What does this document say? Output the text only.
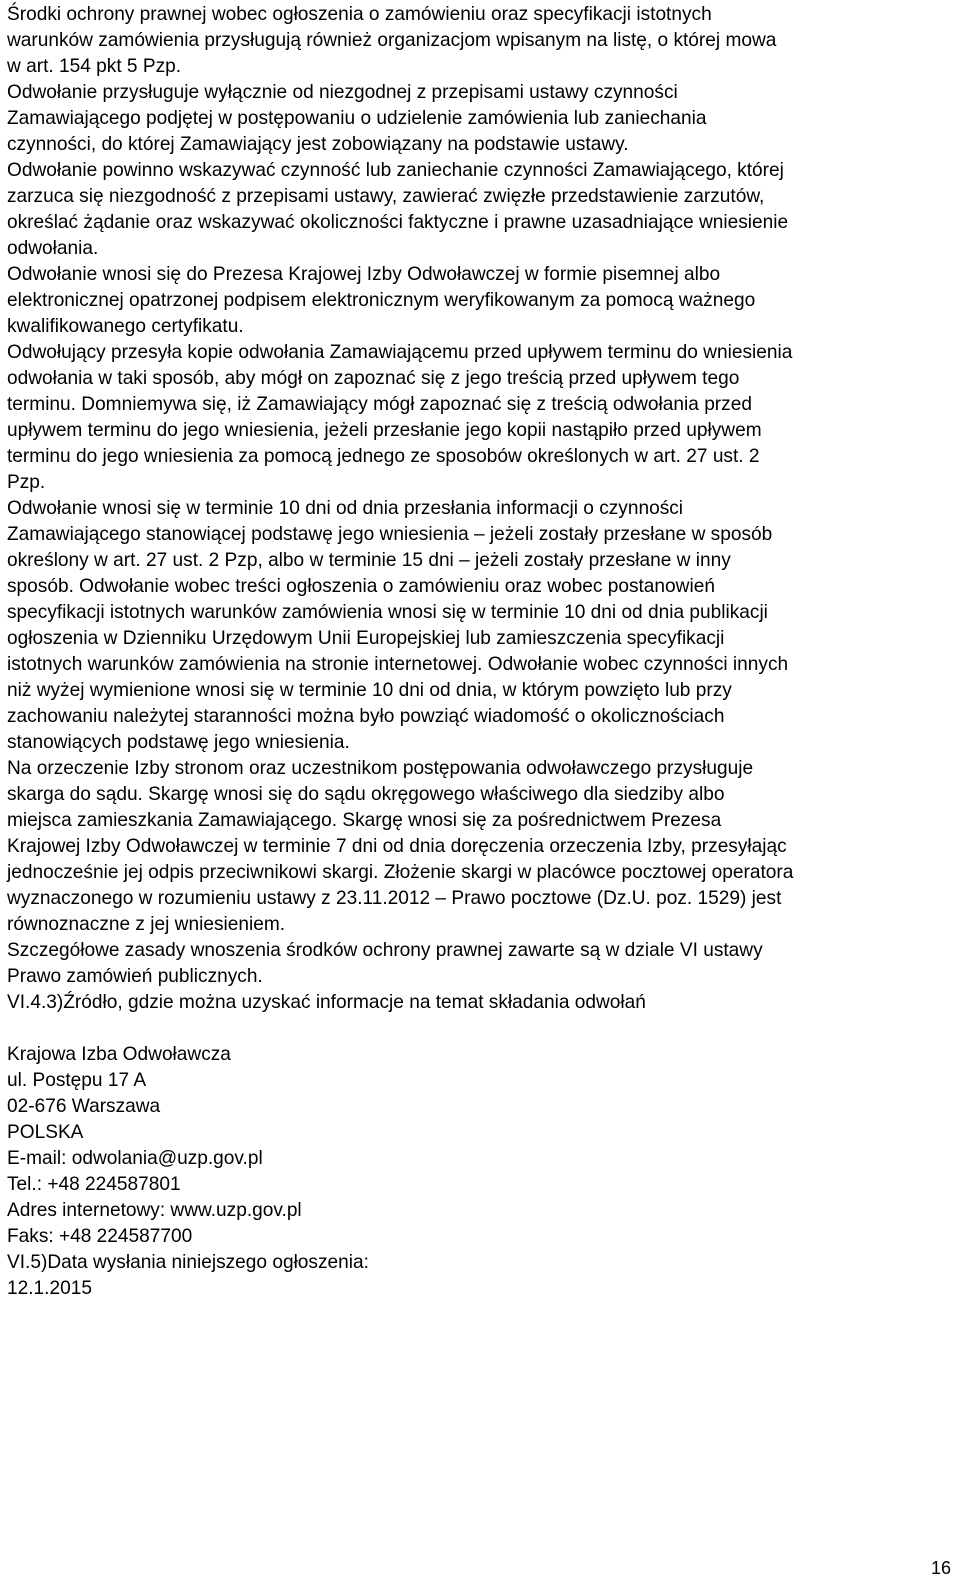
Środki ochrony prawnej wobec ogłoszenia o zamówieniu oraz specyfikacji istotnych
warunków zamówienia przysługują również organizacjom wpisanym na listę, o której mowa
w art. 154 pkt 5 Pzp.
Odwołanie przysługuje wyłącznie od niezgodnej z przepisami ustawy czynności
Zamawiającego podjętej w postępowaniu o udzielenie zamówienia lub zaniechania
czynności, do której Zamawiający jest zobowiązany na podstawie ustawy.
Odwołanie powinno wskazywać czynność lub zaniechanie czynności Zamawiającego, której
zarzuca się niezgodność z przepisami ustawy, zawierać zwięzłe przedstawienie zarzutów,
określać żądanie oraz wskazywać okoliczności faktyczne i prawne uzasadniające wniesienie
odwołania.
Odwołanie wnosi się do Prezesa Krajowej Izby Odwoławczej w formie pisemnej albo
elektronicznej opatrzonej podpisem elektronicznym weryfikowanym za pomocą ważnego
kwalifikowanego certyfikatu.
Odwołujący przesyła kopie odwołania Zamawiającemu przed upływem terminu do wniesienia
odwołania w taki sposób, aby mógł on zapoznać się z jego treścią przed upływem tego
terminu. Domniemywa się, iż Zamawiający mógł zapoznać się z treścią odwołania przed
upływem terminu do jego wniesienia, jeżeli przesłanie jego kopii nastąpiło przed upływem
terminu do jego wniesienia za pomocą jednego ze sposobów określonych w art. 27 ust. 2
Pzp.
Odwołanie wnosi się w terminie 10 dni od dnia przesłania informacji o czynności
Zamawiającego stanowiącej podstawę jego wniesienia – jeżeli zostały przesłane w sposób
określony w art. 27 ust. 2 Pzp, albo w terminie 15 dni – jeżeli zostały przesłane w inny
sposób. Odwołanie wobec treści ogłoszenia o zamówieniu oraz wobec postanowień
specyfikacji istotnych warunków zamówienia wnosi się w terminie 10 dni od dnia publikacji
ogłoszenia w Dzienniku Urzędowym Unii Europejskiej lub zamieszczenia specyfikacji
istotnych warunków zamówienia na stronie internetowej. Odwołanie wobec czynności innych
niż wyżej wymienione wnosi się w terminie 10 dni od dnia, w którym powzięto lub przy
zachowaniu należytej staranności można było powziąć wiadomość o okolicznościach
stanowiących podstawę jego wniesienia.
Na orzeczenie Izby stronom oraz uczestnikom postępowania odwoławczego przysługuje
skarga do sądu. Skargę wnosi się do sądu okręgowego właściwego dla siedziby albo
miejsca zamieszkania Zamawiającego. Skargę wnosi się za pośrednictwem Prezesa
Krajowej Izby Odwoławczej w terminie 7 dni od dnia doręczenia orzeczenia Izby, przesyłając
jednocześnie jej odpis przeciwnikowi skargi. Złożenie skargi w placówce pocztowej operatora
wyznaczonego w rozumieniu ustawy z 23.11.2012 – Prawo pocztowe (Dz.U. poz. 1529) jest
równoznaczne z jej wniesieniem.
Szczegółowe zasady wnoszenia środków ochrony prawnej zawarte są w dziale VI ustawy
Prawo zamówień publicznych.
VI.4.3)Źródło, gdzie można uzyskać informacje na temat składania odwołań
Krajowa Izba Odwoławcza
ul. Postępu 17 A
02-676 Warszawa
POLSKA
E-mail: odwolania@uzp.gov.pl
Tel.: +48 224587801
Adres internetowy: www.uzp.gov.pl
Faks: +48 224587700
VI.5)Data wysłania niniejszego ogłoszenia:
12.1.2015
16
